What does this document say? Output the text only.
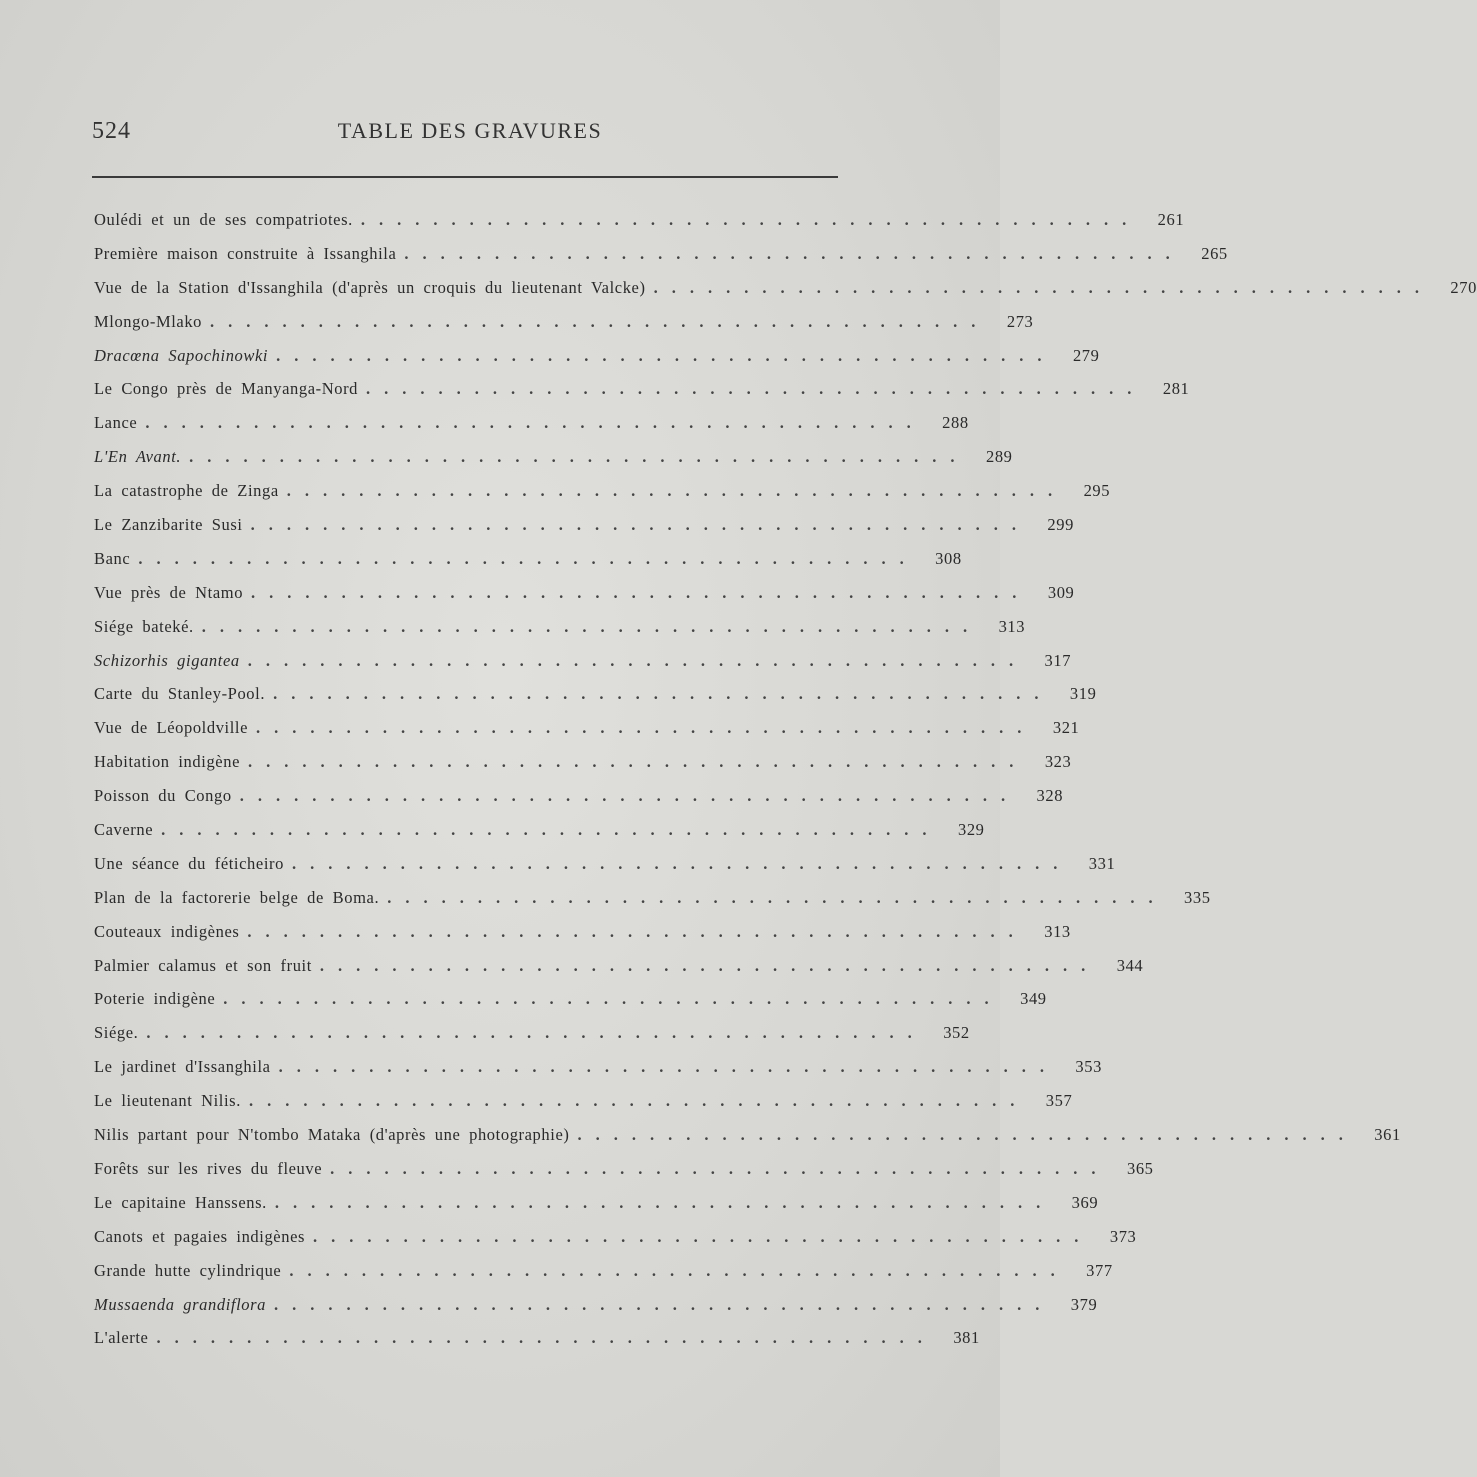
524	TABLE DES GRAVURES
Oulédi et un de ses compatriotes. ........................................... 261
Première maison construite à Issanghila ........................................... 265
Vue de la Station d'Issanghila (d'après un croquis du lieutenant Valcke) ........................................... 270
Mlongo-Mlako ........................................... 273
Dracœna Sapochinowki ........................................... 279
Le Congo près de Manyanga-Nord ........................................... 281
Lance ........................................... 288
L'En Avant. ........................................... 289
La catastrophe de Zinga ........................................... 295
Le Zanzibarite Susi ........................................... 299
Banc ........................................... 308
Vue près de Ntamo ........................................... 309
Siége bateké. ........................................... 313
Schizorhis gigantea ........................................... 317
Carte du Stanley-Pool. ........................................... 319
Vue de Léopoldville ........................................... 321
Habitation indigène ........................................... 323
Poisson du Congo ........................................... 328
Caverne ........................................... 329
Une séance du féticheiro ........................................... 331
Plan de la factorerie belge de Boma. ........................................... 335
Couteaux indigènes ........................................... 313
Palmier calamus et son fruit ........................................... 344
Poterie indigène ........................................... 349
Siége. ........................................... 352
Le jardinet d'Issanghila ........................................... 353
Le lieutenant Nilis. ........................................... 357
Nilis partant pour N'tombo Mataka (d'après une photographie) ........................................... 361
Forêts sur les rives du fleuve ........................................... 365
Le capitaine Hanssens. ........................................... 369
Canots et pagaies indigènes ........................................... 373
Grande hutte cylindrique ........................................... 377
Mussaenda grandiflora ........................................... 379
L'alerte ........................................... 381
